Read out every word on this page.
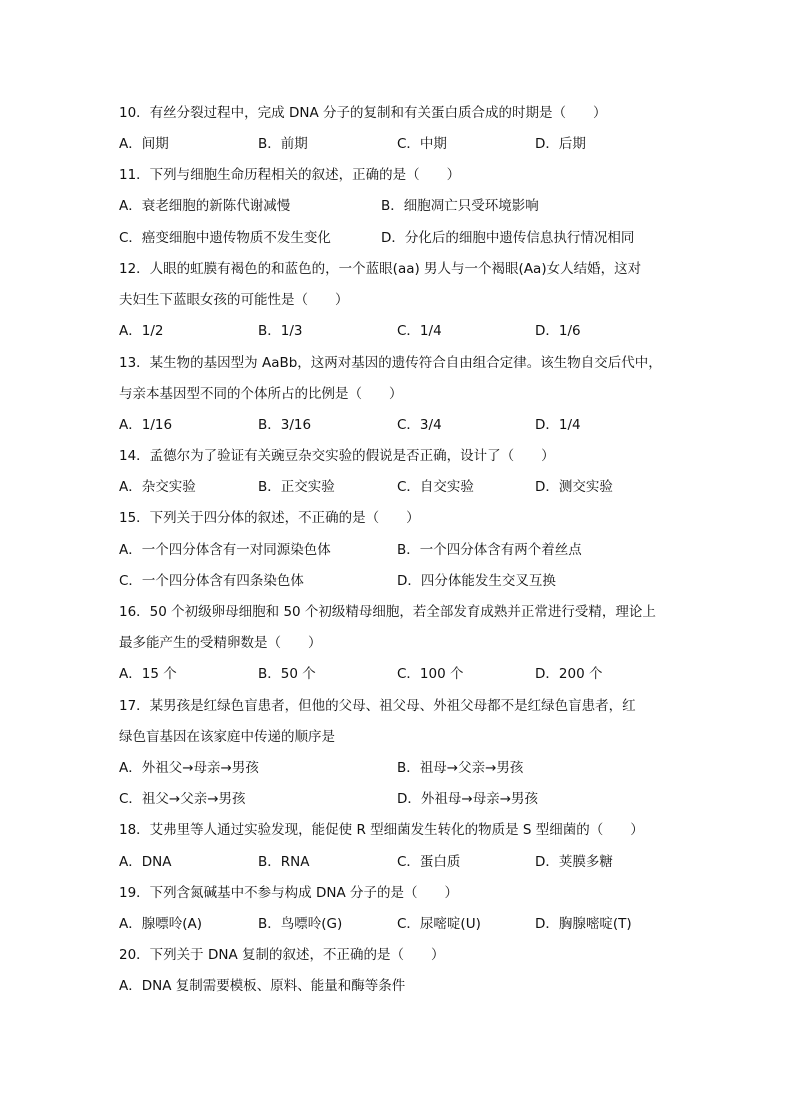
10．有丝分裂过程中，完成 DNA 分子的复制和有关蛋白质合成的时期是（　　）
A．间期	B．前期	C．中期	D．后期
11．下列与细胞生命历程相关的叙述，正确的是（　　）
A．衰老细胞的新陈代谢减慢	B．细胞凋亡只受环境影响
C．癌变细胞中遗传物质不发生变化	D．分化后的细胞中遗传信息执行情况相同
12．人眼的虹膜有褐色的和蓝色的，一个蓝眼(aa) 男人与一个褐眼(Aa)女人结婚，这对
夫妇生下蓝眼女孩的可能性是（　　）
A．1/2	B．1/3	C．1/4	D．1/6
13．某生物的基因型为 AaBb，这两对基因的遗传符合自由组合定律。该生物自交后代中，
与亲本基因型不同的个体所占的比例是（　　）
A．1/16	B．3/16	C．3/4	D．1/4
14．孟德尔为了验证有关豌豆杂交实验的假说是否正确，设计了（　　）
A．杂交实验	B．正交实验	C．自交实验	D．测交实验
15．下列关于四分体的叙述，不正确的是（　　）
A．一个四分体含有一对同源染色体	B．一个四分体含有两个着丝点
C．一个四分体含有四条染色体	D．四分体能发生交叉互换
16．50 个初级卵母细胞和 50 个初级精母细胞，若全部发育成熟并正常进行受精，理论上
最多能产生的受精卵数是（　　）
A．15 个	B．50 个	C．100 个	D．200 个
17．某男孩是红绿色盲患者，但他的父母、祖父母、外祖父母都不是红绿色盲患者，红
绿色盲基因在该家庭中传递的顺序是
A．外祖父→母亲→男孩	B．祖母→父亲→男孩
C．祖父→父亲→男孩	D．外祖母→母亲→男孩
18．艾弗里等人通过实验发现，能促使 R 型细菌发生转化的物质是 S 型细菌的（　　）
A．DNA	B．RNA	C．蛋白质	D．荚膜多糖
19．下列含氮碱基中不参与构成 DNA 分子的是（　　）
A．腺嘌呤(A)	B．鸟嘌呤(G)	C．尿嘧啶(U)	D．胸腺嘧啶(T)
20．下列关于 DNA 复制的叙述，不正确的是（　　）
A．DNA 复制需要模板、原料、能量和酶等条件
